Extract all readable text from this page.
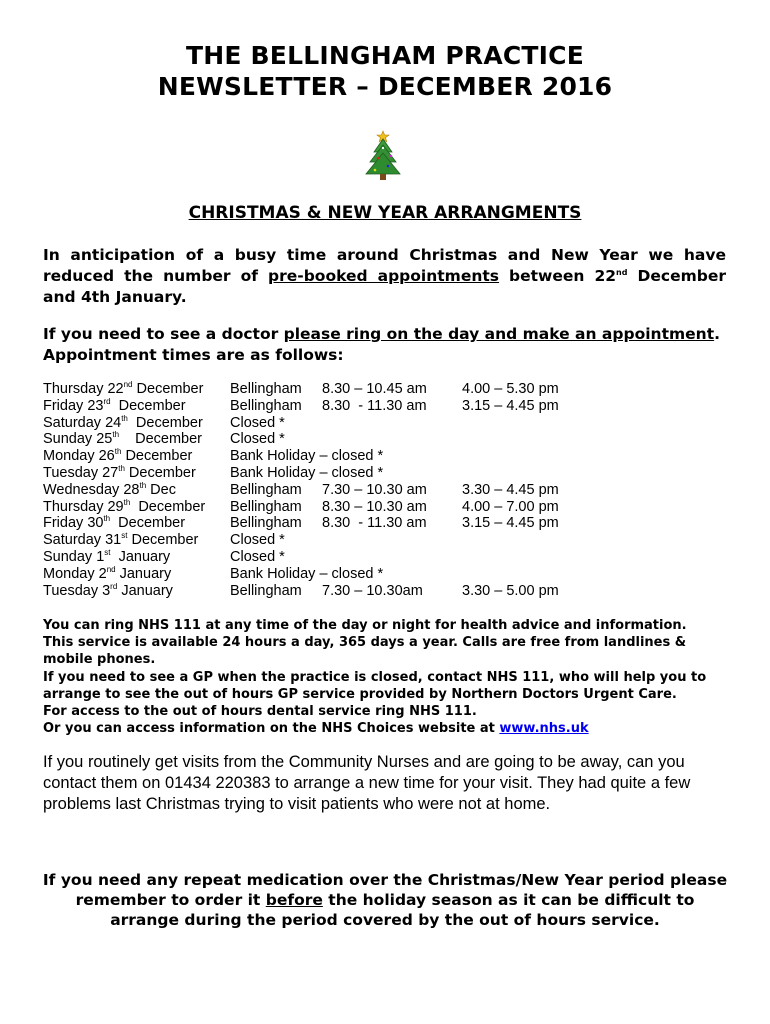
THE BELLINGHAM PRACTICE
NEWSLETTER – DECEMBER 2016
CHRISTMAS & NEW YEAR ARRANGMENTS
In anticipation of a busy time around Christmas and New Year we have reduced the number of pre-booked appointments between 22nd December and 4th January.
If you need to see a doctor please ring on the day and make an appointment.
Appointment times are as follows:
Thursday 22nd December	Bellingham	8.30 – 10.45 am	4.00 – 5.30 pm
Friday 23rd  December	Bellingham	8.30  - 11.30 am	3.15 – 4.45 pm
Saturday 24th  December	Closed *		
Sunday 25th    December	Closed *		
Monday 26th December	Bank Holiday – closed *		
Tuesday 27th December	Bank Holiday – closed *		
Wednesday 28th Dec	Bellingham	7.30 – 10.30 am	3.30 – 4.45 pm
Thursday 29th  December	Bellingham	8.30 – 10.30 am	4.00 – 7.00 pm
Friday 30th  December	Bellingham	8.30  - 11.30 am	3.15 – 4.45 pm
Saturday 31st December	Closed *		
Sunday 1st  January	Closed *		
Monday 2nd January	Bank Holiday – closed *		
Tuesday 3rd January	Bellingham	7.30 – 10.30am	3.30 – 5.00 pm
You can ring NHS 111 at any time of the day or night for health advice and information.
This service is available 24 hours a day, 365 days a year. Calls are free from landlines & mobile phones.
If you need to see a GP when the practice is closed, contact NHS 111, who will help you to arrange to see the out of hours GP service provided by Northern Doctors Urgent Care.
For access to the out of hours dental service ring NHS 111.
Or you can access information on the NHS Choices website at www.nhs.uk
If you routinely get visits from the Community Nurses and are going to be away, can you contact them on 01434 220383 to arrange a new time for your visit. They had quite a few problems last Christmas trying to visit patients who were not at home.
If you need any repeat medication over the Christmas/New Year period please remember to order it before the holiday season as it can be difficult to arrange during the period covered by the out of hours service.
